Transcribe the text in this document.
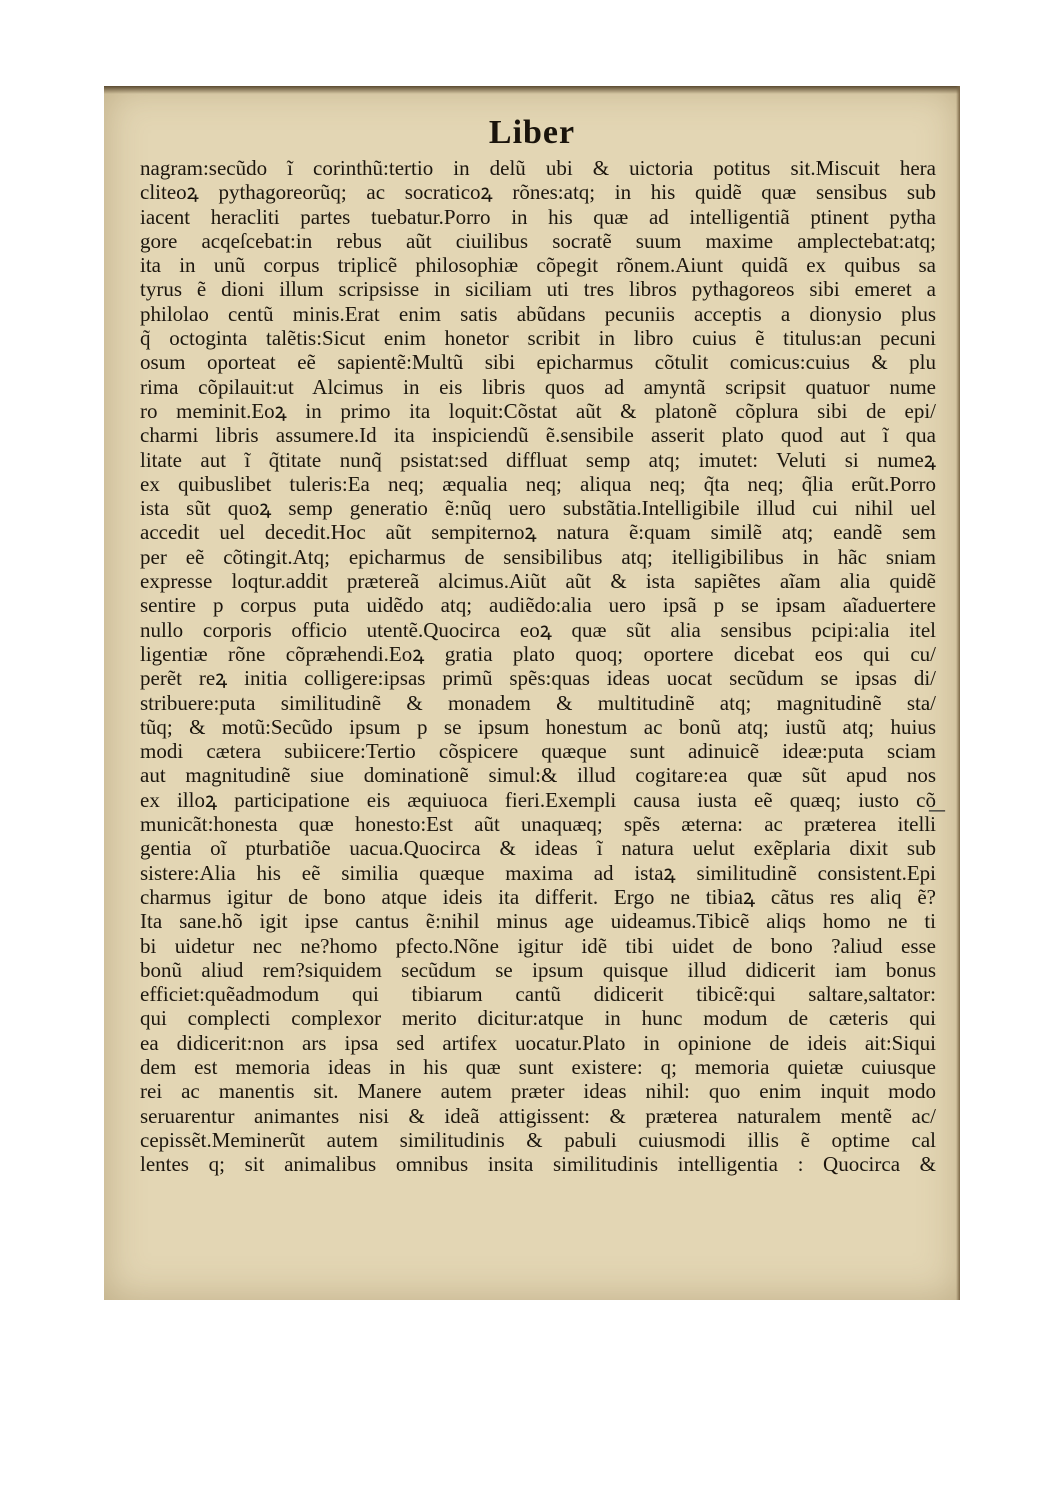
Liber
nagram:secũdo ĩ corinthũ:tertio in delũ ubi & uictoria potitus sit.Miscuit hera
cliteoꝝ pythagoreorũq; ac socraticoꝝ rõnes:atq; in his quidẽ quæ sensibus sub
iacent heracliti partes tuebatur.Porro in his quæ ad intelligentiã ptinent pytha
gore acqeſcebat:in rebus aũt ciuilibus socratẽ suum maxime amplectebat:atq;
ita in unũ corpus triplicẽ philosophiæ cõpegit rõnem.Aiunt quidã ex quibus sa
tyrus ẽ dioni illum scripsisse in siciliam uti tres libros pythagoreos sibi emeret a
philolao centũ minis.Erat enim satis abũdans pecuniis acceptis a dionysio plus
q̃ octoginta talẽtis:Sicut enim honetor scribit in libro cuius ẽ titulus:an pecuni
osum oporteat eẽ sapientẽ:Multũ sibi epicharmus cõtulit comicus:cuius & plu
rima cõpilauit:ut Alcimus in eis libris quos ad amyntã scripsit quatuor nume
ro meminit.Eoꝝ in primo ita loquit:Cõstat aũt & platonẽ cõplura sibi de epi/
charmi libris assumere.Id ita inspiciendũ ẽ.sensibile asserit plato quod aut ĩ qua
litate aut ĩ q̃titate nunq̃ psistat:sed diffluat semp atq; imutet: Veluti si numeꝝ
ex quibuslibet tuleris:Ea neq; æqualia neq; aliqua neq; q̃ta neq; q̃lia erũt.Porro
ista sũt quoꝝ semp generatio ẽ:nũq uero substãtia.Intelligibile illud cui nihil uel
accedit uel decedit.Hoc aũt sempiternoꝝ natura ẽ:quam similẽ atq; eandẽ sem
per eẽ cõtingit.Atq; epicharmus de sensibilibus atq; itelligibilibus in hãc sniam
expresse loqtur.addit prætereã alcimus.Aiũt aũt & ista sapiẽtes aĩam alia quidẽ
sentire p corpus puta uidẽdo atq; audiẽdo:alia uero ipsã p se ipsam aĩaduertere
nullo corporis officio utentẽ.Quocirca eoꝝ quæ sũt alia sensibus pcipi:alia itel
ligentiæ rõne cõpræhendi.Eoꝝ gratia plato quoq; oportere dicebat eos qui cu/
perẽt reꝝ initia colligere:ipsas primũ spẽs:quas ideas uocat secũdum se ipsas di/
stribuere:puta similitudinẽ & monadem & multitudinẽ atq; magnitudinẽ sta/
tũq; & motũ:Secũdo ipsum p se ipsum honestum ac bonũ atq; iustũ atq; huius
modi cætera subiicere:Tertio cõspicere quæque sunt adinuicẽ ideæ:puta sciam
aut magnitudinẽ siue dominationẽ simul:& illud cogitare:ea quæ sũt apud nos
ex illoꝝ participatione eis æquiuoca fieri.Exempli causa iusta eẽ quæq; iusto cõ
municãt:honesta quæ honesto:Est aũt unaquæq; spẽs æterna: ac præterea itelli
gentia oĩ pturbatiõe uacua.Quocirca & ideas ĩ natura uelut exẽplaria dixit sub
sistere:Alia his eẽ similia quæque maxima ad istaꝝ similitudinẽ consistent.Epi
charmus igitur de bono atque ideis ita differit. Ergo ne tibiaꝝ cãtus res aliq ẽ?
Ita sane.hõ igit ipse cantus ẽ:nihil minus age uideamus.Tibicẽ aliqs homo ne ti
bi uidetur nec ne?homo pfecto.Nõne igitur idẽ tibi uidet de bono ?aliud esse
bonũ aliud rem?siquidem secũdum se ipsum quisque illud didicerit iam bonus
efficiet:quẽadmodum qui tibiarum cantũ didicerit tibicẽ:qui saltare,saltator:
qui complecti complexor merito dicitur:atque in hunc modum de cæteris qui
ea didicerit:non ars ipsa sed artifex uocatur.Plato in opinione de ideis ait:Siqui
dem est memoria ideas in his quæ sunt existere: q; memoria quietæ cuiusque
rei ac manentis sit. Manere autem præter ideas nihil: quo enim inquit modo
seruarentur animantes nisi & ideã attigissent: & præterea naturalem mentẽ ac/
cepissẽt.Meminerũt autem similitudinis & pabuli cuiusmodi illis ẽ optime cal
lentes q; sit animalibus omnibus insita similitudinis intelligentia : Quocirca &
—
